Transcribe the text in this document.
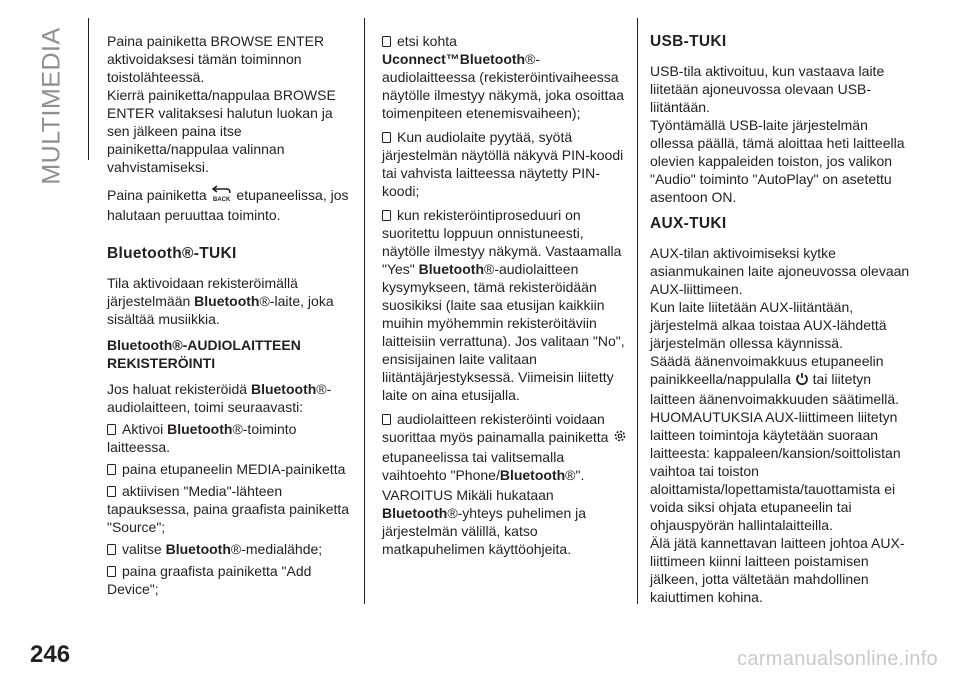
MULTIMEDIA
246	carmanualsonline.info

Paina painiketta BROWSE ENTER aktivoidaksesi tämän toiminnon toistolähteessä.

Kierrä painiketta/nappulaa BROWSE ENTER valitaksesi halutun luokan ja sen jälkeen paina itse painiketta/nappulaa valinnan vahvistamiseksi.

Paina painiketta BACK etupaneelissa, jos halutaan peruuttaa toiminto.

Bluetooth®-TUKI

Tila aktivoidaan rekisteröimällä järjestelmään Bluetooth®-laite, joka sisältää musiikkia.

Bluetooth®-AUDIOLAITTEEN REKISTERÖINTI

Jos haluat rekisteröidä Bluetooth®-audiolaitteen, toimi seuraavasti:

Aktivoi Bluetooth®-toiminto laitteessa.

paina etupaneelin MEDIA-painiketta

aktiivisen "Media"-lähteen tapauksessa, paina graafista painiketta "Source";

valitse Bluetooth®-medialähde;

paina graafista painiketta "Add Device";

etsi kohta
Uconnect™Bluetooth®-audiolaitteessa (rekisteröintivaiheessa näytölle ilmestyy näkymä, joka osoittaa toimenpiteen etenemisvaiheen);

Kun audiolaite pyytää, syötä järjestelmän näytöllä näkyvä PIN-koodi tai vahvista laitteessa näytetty PIN-koodi;

kun rekisteröintiproseduuri on suoritettu loppuun onnistuneesti, näytölle ilmestyy näkymä. Vastaamalla "Yes" Bluetooth®-audiolaitteen kysymykseen, tämä rekisteröidään suosikiksi (laite saa etusijan kaikkiin muihin myöhemmin rekisteröitäviin laitteisiin verrattuna). Jos valitaan "No", ensisijainen laite valitaan liitäntäjärjestyksessä. Viimeisin liitetty laite on aina etusijalla.

audiolaitteen rekisteröinti voidaan suorittaa myös painamalla painiketta  etupaneelissa tai valitsemalla vaihtoehto "Phone/Bluetooth®".

VAROITUS Mikäli hukataan
Bluetooth®-yhteys puhelimen ja järjestelmän välillä, katso matkapuhelimen käyttöohjeita.

USB-TUKI

USB-tila aktivoituu, kun vastaava laite liitetään ajoneuvossa olevaan USB-liitäntään.

Työntämällä USB-laite järjestelmän ollessa päällä, tämä aloittaa heti laitteella olevien kappaleiden toiston, jos valikon "Audio" toiminto "AutoPlay" on asetettu asentoon ON.

AUX-TUKI

AUX-tilan aktivoimiseksi kytke asianmukainen laite ajoneuvossa olevaan AUX-liittimeen.

Kun laite liitetään AUX-liitäntään, järjestelmä alkaa toistaa AUX-lähdettä järjestelmän ollessa käynnissä.

Säädä äänenvoimakkuus etupaneelin painikkeella/nappulalla  tai liitetyn laitteen äänenvoimakkuuden säätimellä.

HUOMAUTUKSIA AUX-liittimeen liitetyn laitteen toimintoja käytetään suoraan laitteesta: kappaleen/kansion/soittolistan vaihtoa tai toiston aloittamista/lopettamista/tauottamista ei voida siksi ohjata etupaneelin tai ohjauspyörän hallintalaitteilla.

Älä jätä kannettavan laitteen johtoa AUX-liittimeen kiinni laitteen poistamisen jälkeen, jotta vältetään mahdollinen kaiuttimen kohina.
